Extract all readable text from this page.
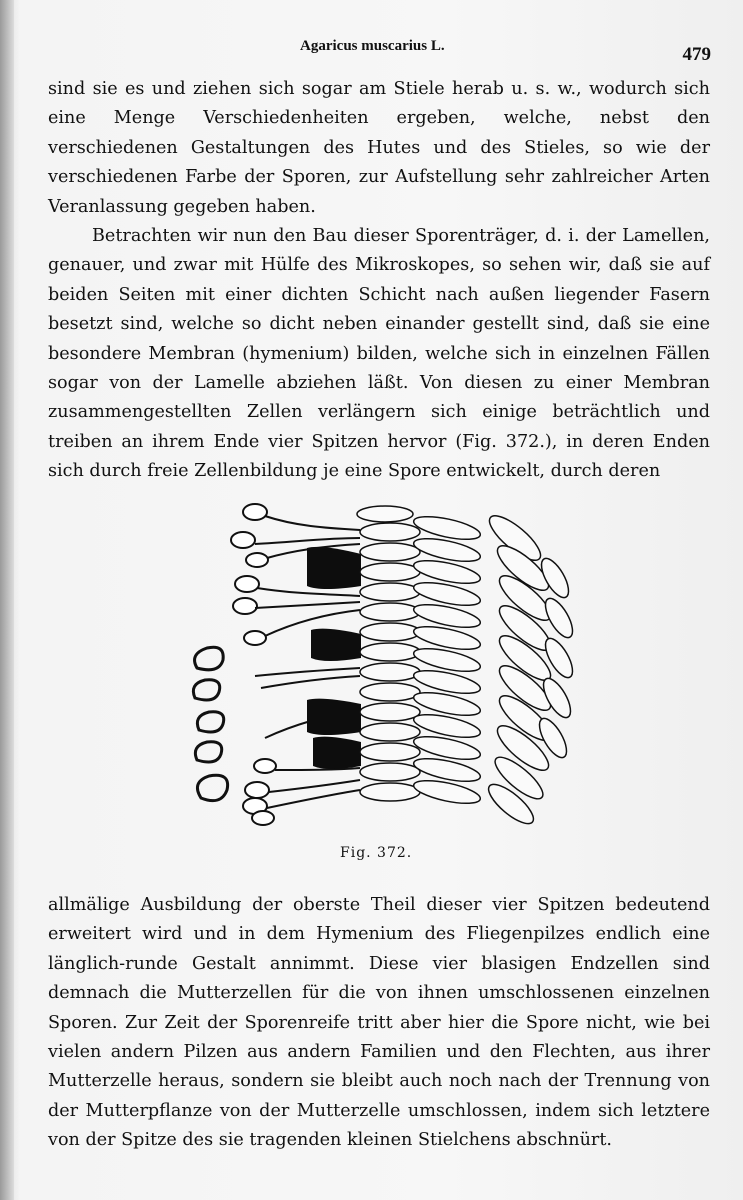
Agaricus muscarius L.	479

sind sie es und ziehen sich sogar am Stiele herab u. s. w., wodurch sich eine Menge Verschiedenheiten ergeben, welche, nebst den verschiedenen Gestaltungen des Hutes und des Stieles, so wie der verschiedenen Farbe der Sporen, zur Aufstellung sehr zahlreicher Arten Veranlassung gegeben haben.

Betrachten wir nun den Bau dieser Sporenträger, d. i. der Lamellen, genauer, und zwar mit Hülfe des Mikroskopes, so sehen wir, daß sie auf beiden Seiten mit einer dichten Schicht nach außen liegender Fasern besetzt sind, welche so dicht neben einander gestellt sind, daß sie eine besondere Membran (hymenium) bilden, welche sich in einzelnen Fällen sogar von der Lamelle abziehen läßt. Von diesen zu einer Membran zusammengestellten Zellen verlängern sich einige beträchtlich und treiben an ihrem Ende vier Spitzen hervor (Fig. 372.), in deren Enden sich durch freie Zellenbildung je eine Spore entwickelt, durch deren

Fig. 372.

allmälige Ausbildung der oberste Theil dieser vier Spitzen bedeutend erweitert wird und in dem Hymenium des Fliegenpilzes endlich eine länglich-runde Gestalt annimmt. Diese vier blasigen Endzellen sind demnach die Mutterzellen für die von ihnen umschlossenen einzelnen Sporen. Zur Zeit der Sporenreife tritt aber hier die Spore nicht, wie bei vielen andern Pilzen aus andern Familien und den Flechten, aus ihrer Mutterzelle heraus, sondern sie bleibt auch noch nach der Trennung von der Mutterpflanze von der Mutterzelle umschlossen, indem sich letztere von der Spitze des sie tragenden kleinen Stielchens abschnürt.
